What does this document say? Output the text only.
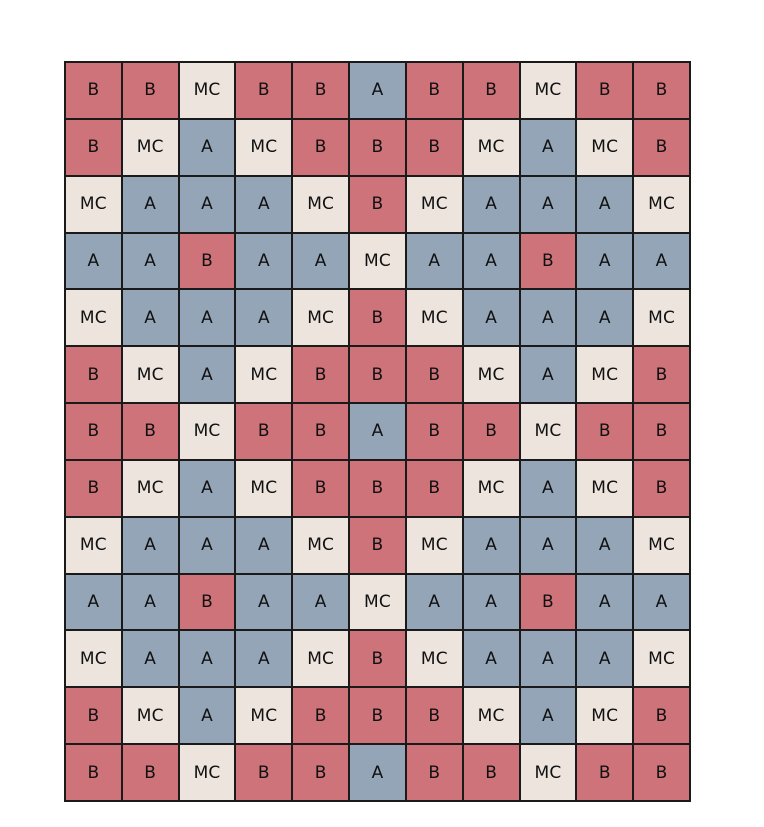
B	B	MC	B	B	A	B	B	MC	B	B
B	MC	A	MC	B	B	B	MC	A	MC	B
MC	A	A	A	MC	B	MC	A	A	A	MC
A	A	B	A	A	MC	A	A	B	A	A
MC	A	A	A	MC	B	MC	A	A	A	MC
B	MC	A	MC	B	B	B	MC	A	MC	B
B	B	MC	B	B	A	B	B	MC	B	B
B	MC	A	MC	B	B	B	MC	A	MC	B
MC	A	A	A	MC	B	MC	A	A	A	MC
A	A	B	A	A	MC	A	A	B	A	A
MC	A	A	A	MC	B	MC	A	A	A	MC
B	MC	A	MC	B	B	B	MC	A	MC	B
B	B	MC	B	B	A	B	B	MC	B	B
